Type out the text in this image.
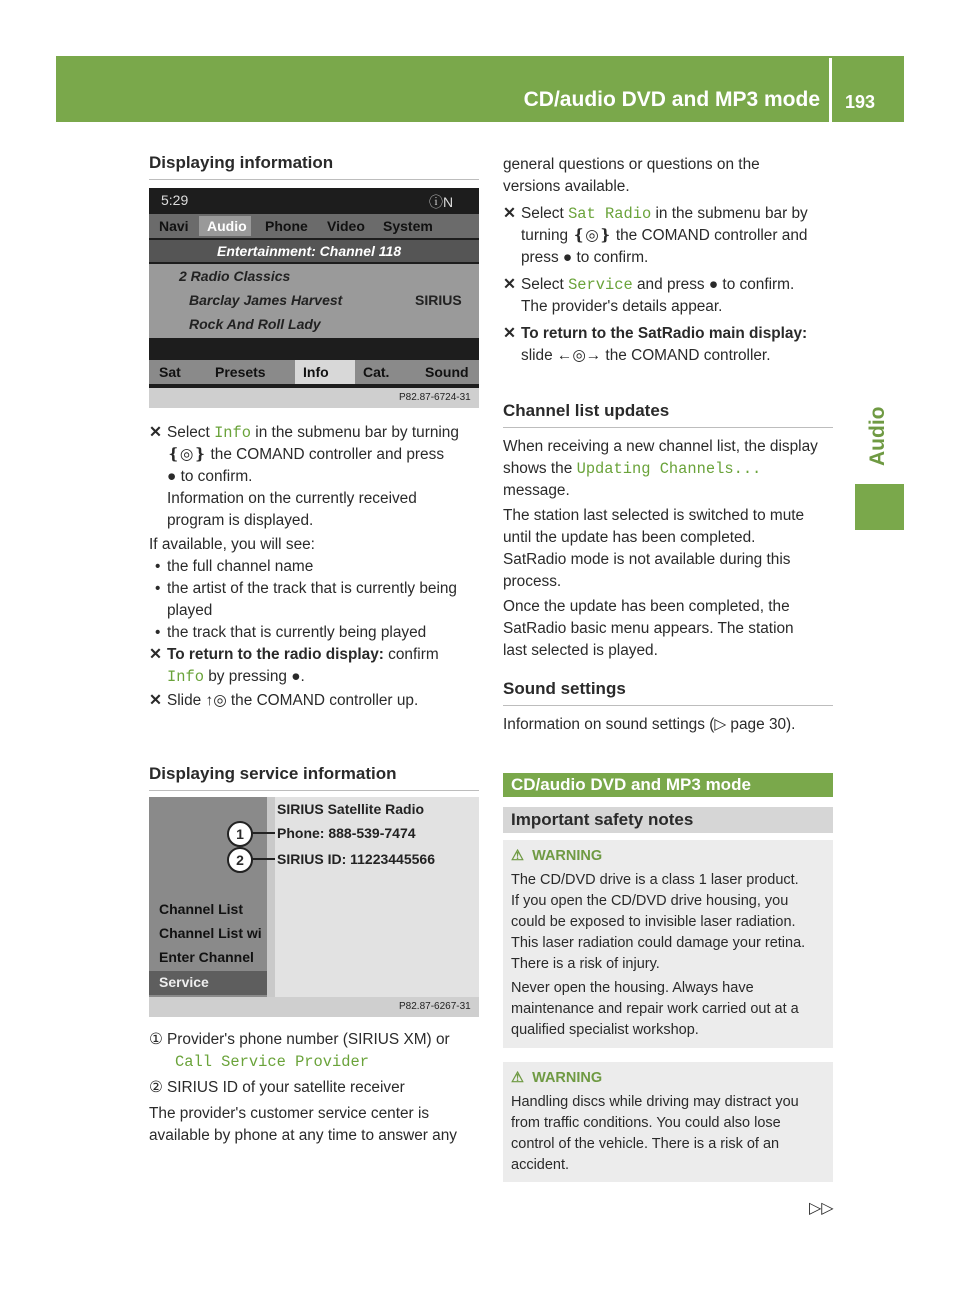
CD/audio DVD and MP3 mode 193
Audio
Displaying information
5:29	ⓘN
Navi Audio Phone Video System
Entertainment: Channel 118
2 Radio Classics
Barclay James Harvest	SIRIUS
Rock And Roll Lady
Sat Presets	Info Cat.	Sound
P82.87-6724-31
✕ Select Info in the submenu bar by turning
❴◎❵ the COMAND controller and press
● to confirm.
Information on the currently received
program is displayed.
If available, you will see:
• the full channel name
• the artist of the track that is currently being
played
• the track that is currently being played
✕ To return to the radio display: confirm
Info by pressing ●.
✕ Slide ↑◎ the COMAND controller up.
Displaying service information
SIRIUS Satellite Radio
Phone: 888-539-7474
SIRIUS ID: 11223445566
1
2
Channel List
Channel List wi
Enter Channel
Service
P82.87-6267-31
① Provider's phone number (SIRIUS XM) or
Call Service Provider
② SIRIUS ID of your satellite receiver
The provider's customer service center is
available by phone at any time to answer any
general questions or questions on the
versions available.
✕ Select Sat Radio in the submenu bar by
turning ❴◎❵ the COMAND controller and
press ● to confirm.
✕ Select Service and press ● to confirm.
The provider's details appear.
✕ To return to the SatRadio main display:
slide ←◎→ the COMAND controller.
Channel list updates
When receiving a new channel list, the display
shows the Updating Channels...
message.
The station last selected is switched to mute
until the update has been completed.
SatRadio mode is not available during this
process.
Once the update has been completed, the
SatRadio basic menu appears. The station
last selected is played.
Sound settings
Information on sound settings (▷ page 30).
CD/audio DVD and MP3 mode
Important safety notes
⚠ WARNING
The CD/DVD drive is a class 1 laser product.
If you open the CD/DVD drive housing, you
could be exposed to invisible laser radiation.
This laser radiation could damage your retina.
There is a risk of injury.
Never open the housing. Always have
maintenance and repair work carried out at a
qualified specialist workshop.
⚠ WARNING
Handling discs while driving may distract you
from traffic conditions. You could also lose
control of the vehicle. There is a risk of an
accident.
▷▷
